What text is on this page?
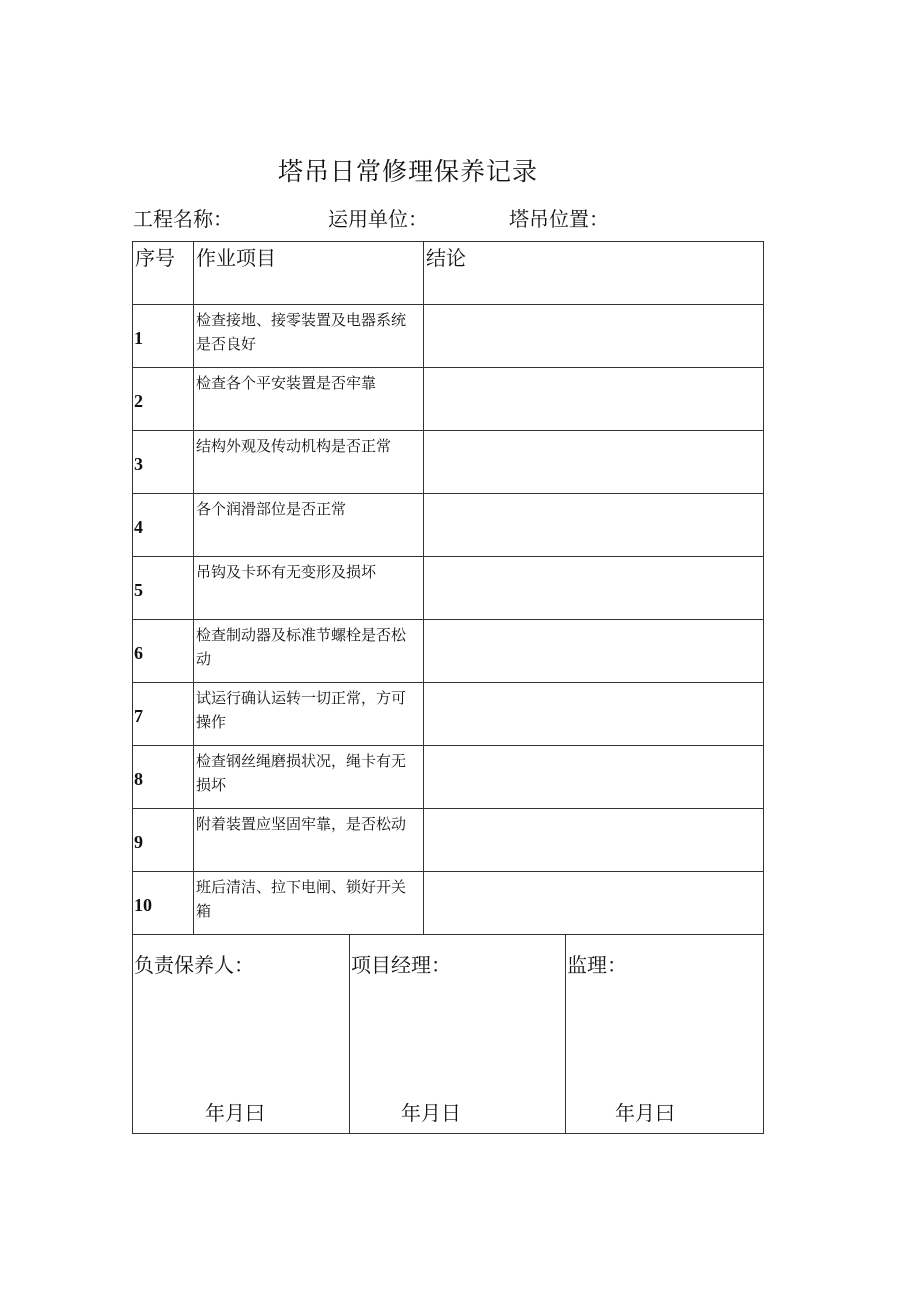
塔吊日常修理保养记录
工程名称：	运用单位：	塔吊位置：
序号	作业项目	结论

1	检查接地、接零装置及电器系统是否良好	

2	检查各个平安装置是否牢靠	

3	结构外观及传动机构是否正常	

4	各个润滑部位是否正常	

5	吊钩及卡环有无变形及损坏	

6	检查制动器及标准节螺栓是否松动	

7	试运行确认运转一切正常，方可操作	

8	检查钢丝绳磨损状况，绳卡有无损坏	

9	附着装置应坚固牢靠，是否松动	

10	班后清洁、拉下电闸、锁好开关箱	

负责保养人：
年月曰

项目经理：
年月日

监理：
年月曰
